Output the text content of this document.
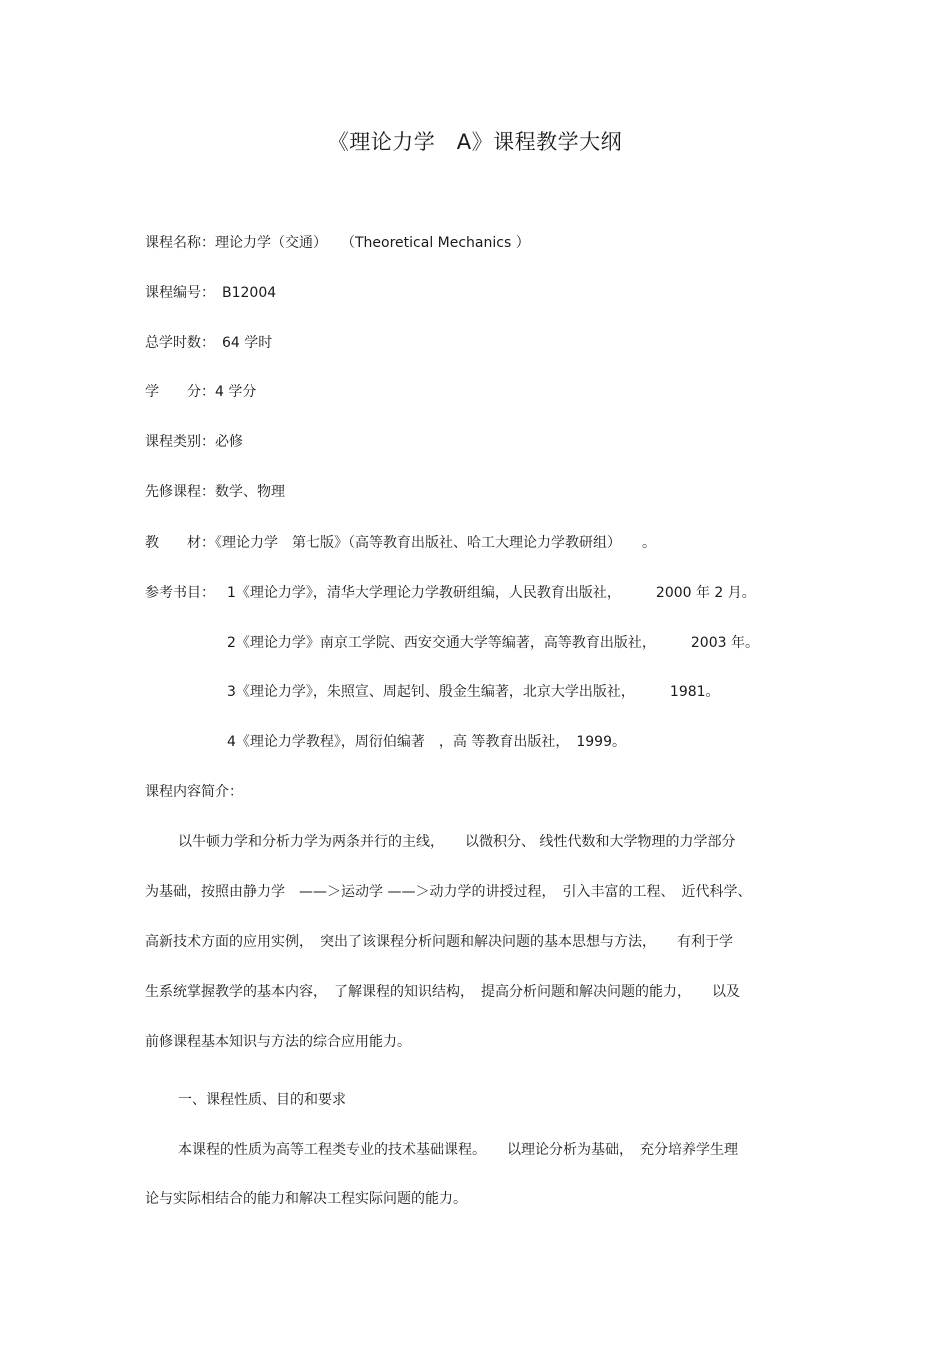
《理论力学　A》课程教学大纲
课程名称：理论力学（交通）　　（Theoretical Mechanics ）
课程编号：　B12004
总学时数：　64 学时
学　　分：4 学分
课程类别：必修
先修课程：数学、物理
教　　材：《理论力学　第七版》（高等教育出版社、哈工大理论力学教研组）　　。
参考书目： 1《理论力学》，清华大学理论力学教研组编，人民教育出版社，　　　2000 年 2 月。
2《理论力学》南京工学院、西安交通大学等编著，高等教育出版社，　　　2003 年。
3《理论力学》，朱照宣、周起钊、殷金生编著，北京大学出版社，　　　1981。
4《理论力学教程》，周衍伯编著　，高 等教育出版社，　1999。
课程内容简介：
以牛顿力学和分析力学为两条并行的主线，　　以微积分、 线性代数和大学物理的力学部分
为基础，按照由静力学　——＞运动学 ——＞动力学的讲授过程，　引入丰富的工程、　近代科学、
高新技术方面的应用实例，　突出了该课程分析问题和解决问题的基本思想与方法，　　有利于学
生系统掌握教学的基本内容，　了解课程的知识结构，　提高分析问题和解决问题的能力，　　以及
前修课程基本知识与方法的综合应用能力。
一、课程性质、目的和要求
本课程的性质为高等工程类专业的技术基础课程。　　以理论分析为基础，　充分培养学生理
论与实际相结合的能力和解决工程实际问题的能力。
